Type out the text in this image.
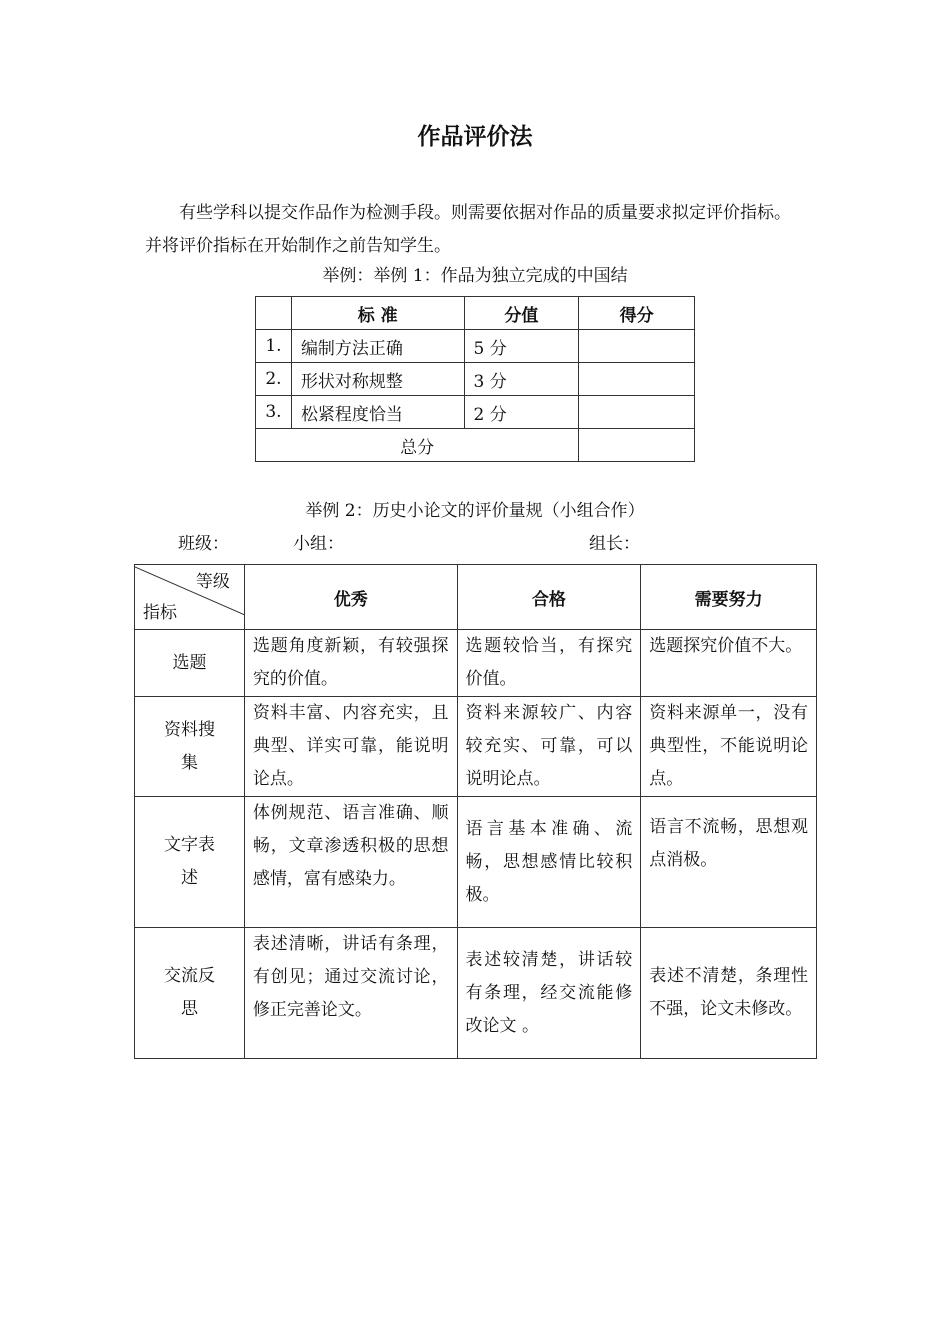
作品评价法
有些学科以提交作品作为检测手段。则需要依据对作品的质量要求拟定评价指标。并将评价指标在开始制作之前告知学生。
举例：举例 1：作品为独立完成的中国结
	标 准	分值	得分
1.	编制方法正确	5 分	
2.	形状对称规整	3 分	
3.	松紧程度恰当	2 分	
总分			
举例 2：历史小论文的评价量规（小组合作）
班级：	小组：	组长：
等级
指标	优秀	合格	需要努力
选题	选题角度新颖，有较强探究的价值。	选题较恰当，有探究价值。	选题探究价值不大。
资料搜集	资料丰富、内容充实，且典型、详实可靠，能说明论点。	资料来源较广、内容较充实、可靠，可以说明论点。	资料来源单一，没有典型性，不能说明论点。
文字表述	体例规范、语言准确、顺畅，文章渗透积极的思想感情，富有感染力。	语言基本准确、流畅，思想感情比较积极。	语言不流畅，思想观点消极。
交流反思	表述清晰，讲话有条理，有创见；通过交流讨论，修正完善论文。	表述较清楚，讲话较有条理，经交流能修改论文 。	表述不清楚，条理性不强，论文未修改。
